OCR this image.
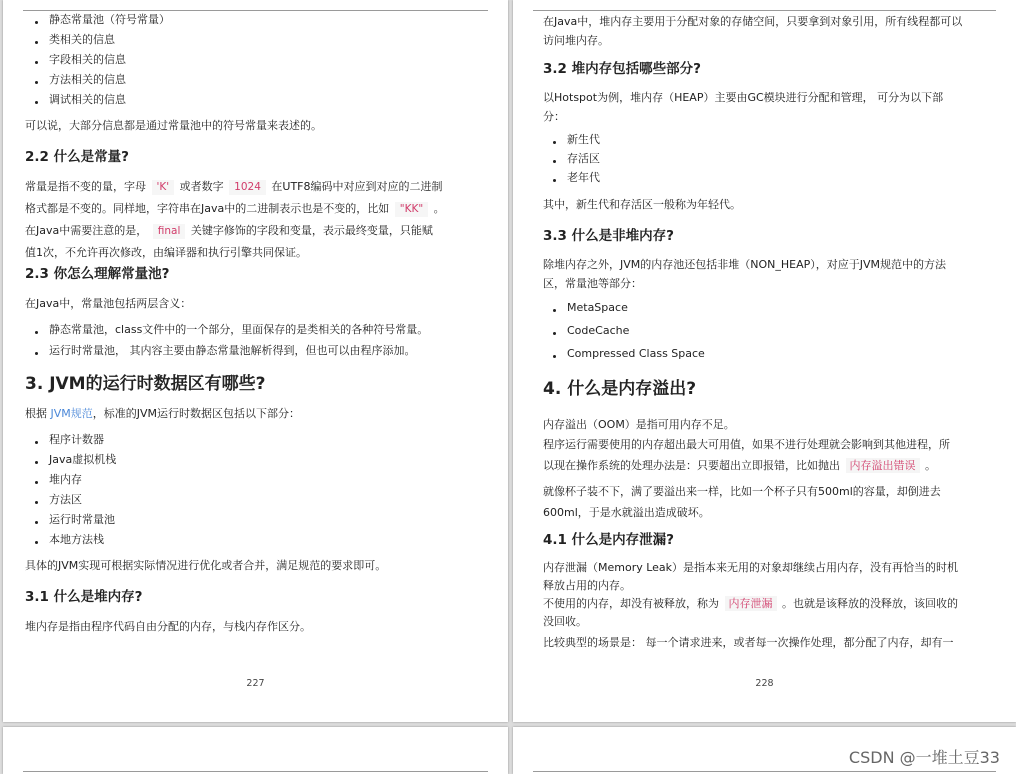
静态常量池（符号常量）
类相关的信息
字段相关的信息
方法相关的信息
调试相关的信息
可以说，大部分信息都是通过常量池中的符号常量来表述的。
2.2 什么是常量?
常量是指不变的量，字母 'K' 或者数字 1024 在UTF8编码中对应到对应的二进制
格式都是不变的。同样地，字符串在Java中的二进制表示也是不变的，比如 "KK" 。
在Java中需要注意的是， final 关键字修饰的字段和变量，表示最终变量，只能赋
值1次，不允许再次修改，由编译器和执行引擎共同保证。
2.3 你怎么理解常量池?
在Java中，常量池包括两层含义：
静态常量池，class文件中的一个部分，里面保存的是类相关的各种符号常量。
运行时常量池， 其内容主要由静态常量池解析得到，但也可以由程序添加。
3. JVM的运行时数据区有哪些?
根据 JVM规范，标准的JVM运行时数据区包括以下部分：
程序计数器
Java虚拟机栈
堆内存
方法区
运行时常量池
本地方法栈
具体的JVM实现可根据实际情况进行优化或者合并，满足规范的要求即可。
3.1 什么是堆内存?
堆内存是指由程序代码自由分配的内存，与栈内存作区分。
227
在Java中，堆内存主要用于分配对象的存储空间，只要拿到对象引用，所有线程都可以
访问堆内存。
3.2 堆内存包括哪些部分?
以Hotspot为例，堆内存（HEAP）主要由GC模块进行分配和管理， 可分为以下部
分：
新生代
存活区
老年代
其中，新生代和存活区一般称为年轻代。
3.3 什么是非堆内存?
除堆内存之外，JVM的内存池还包括非堆（NON_HEAP），对应于JVM规范中的方法
区，常量池等部分：
MetaSpace
CodeCache
Compressed Class Space
4. 什么是内存溢出?
内存溢出（OOM）是指可用内存不足。
程序运行需要使用的内存超出最大可用值，如果不进行处理就会影响到其他进程，所
以现在操作系统的处理办法是：只要超出立即报错，比如抛出 内存溢出错误 。
就像杯子装不下，满了要溢出来一样，比如一个杯子只有500ml的容量，却倒进去
600ml，于是水就溢出造成破坏。
4.1 什么是内存泄漏?
内存泄漏（Memory Leak）是指本来无用的对象却继续占用内存，没有再恰当的时机
释放占用的内存。
不使用的内存，却没有被释放，称为 内存泄漏 。也就是该释放的没释放，该回收的
没回收。
比较典型的场景是： 每一个请求进来，或者每一次操作处理，都分配了内存，却有一
228
CSDN @一堆土豆33
